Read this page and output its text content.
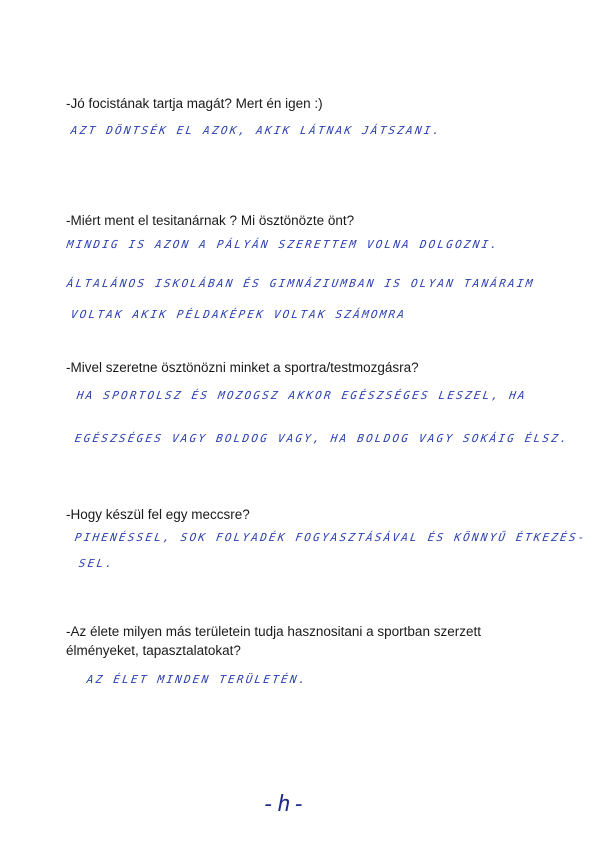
-Jó focistának tartja magát? Mert én igen :)
AZT DÖNTSÉK EL AZOK, AKIK LÁTNAK JÁTSZANI.
-Miért ment el tesitanárnak ? Mi ösztönözte önt?
MINDIG IS AZON A PÁLYÁN SZERETTEM VOLNA DOLGOZNI.
ÁLTALÁNOS ISKOLÁBAN ÉS GIMNÁZIUMBAN IS OLYAN TANÁRAIM
VOLTAK AKIK PÉLDAKÉPEK VOLTAK SZÁMOMRA
-Mivel szeretne ösztönözni minket a sportra/testmozgásra?
HA SPORTOLSZ ÉS MOZOGSZ AKKOR EGÉSZSÉGES LESZEL, HA
EGÉSZSÉGES VAGY BOLDOG VAGY, HA BOLDOG VAGY SOKÁIG ÉLSZ.
-Hogy készül fel egy meccsre?
PIHENÉSSEL, SOK FOLYADÉK FOGYASZTÁSÁVAL ÉS KÖNNYŰ ÉTKEZÉS-
SEL.
-Az élete milyen más területein tudja hasznositani a sportban szerzett élményeket, tapasztalatokat?
AZ ÉLET MINDEN TERÜLETÉN.
-h-
